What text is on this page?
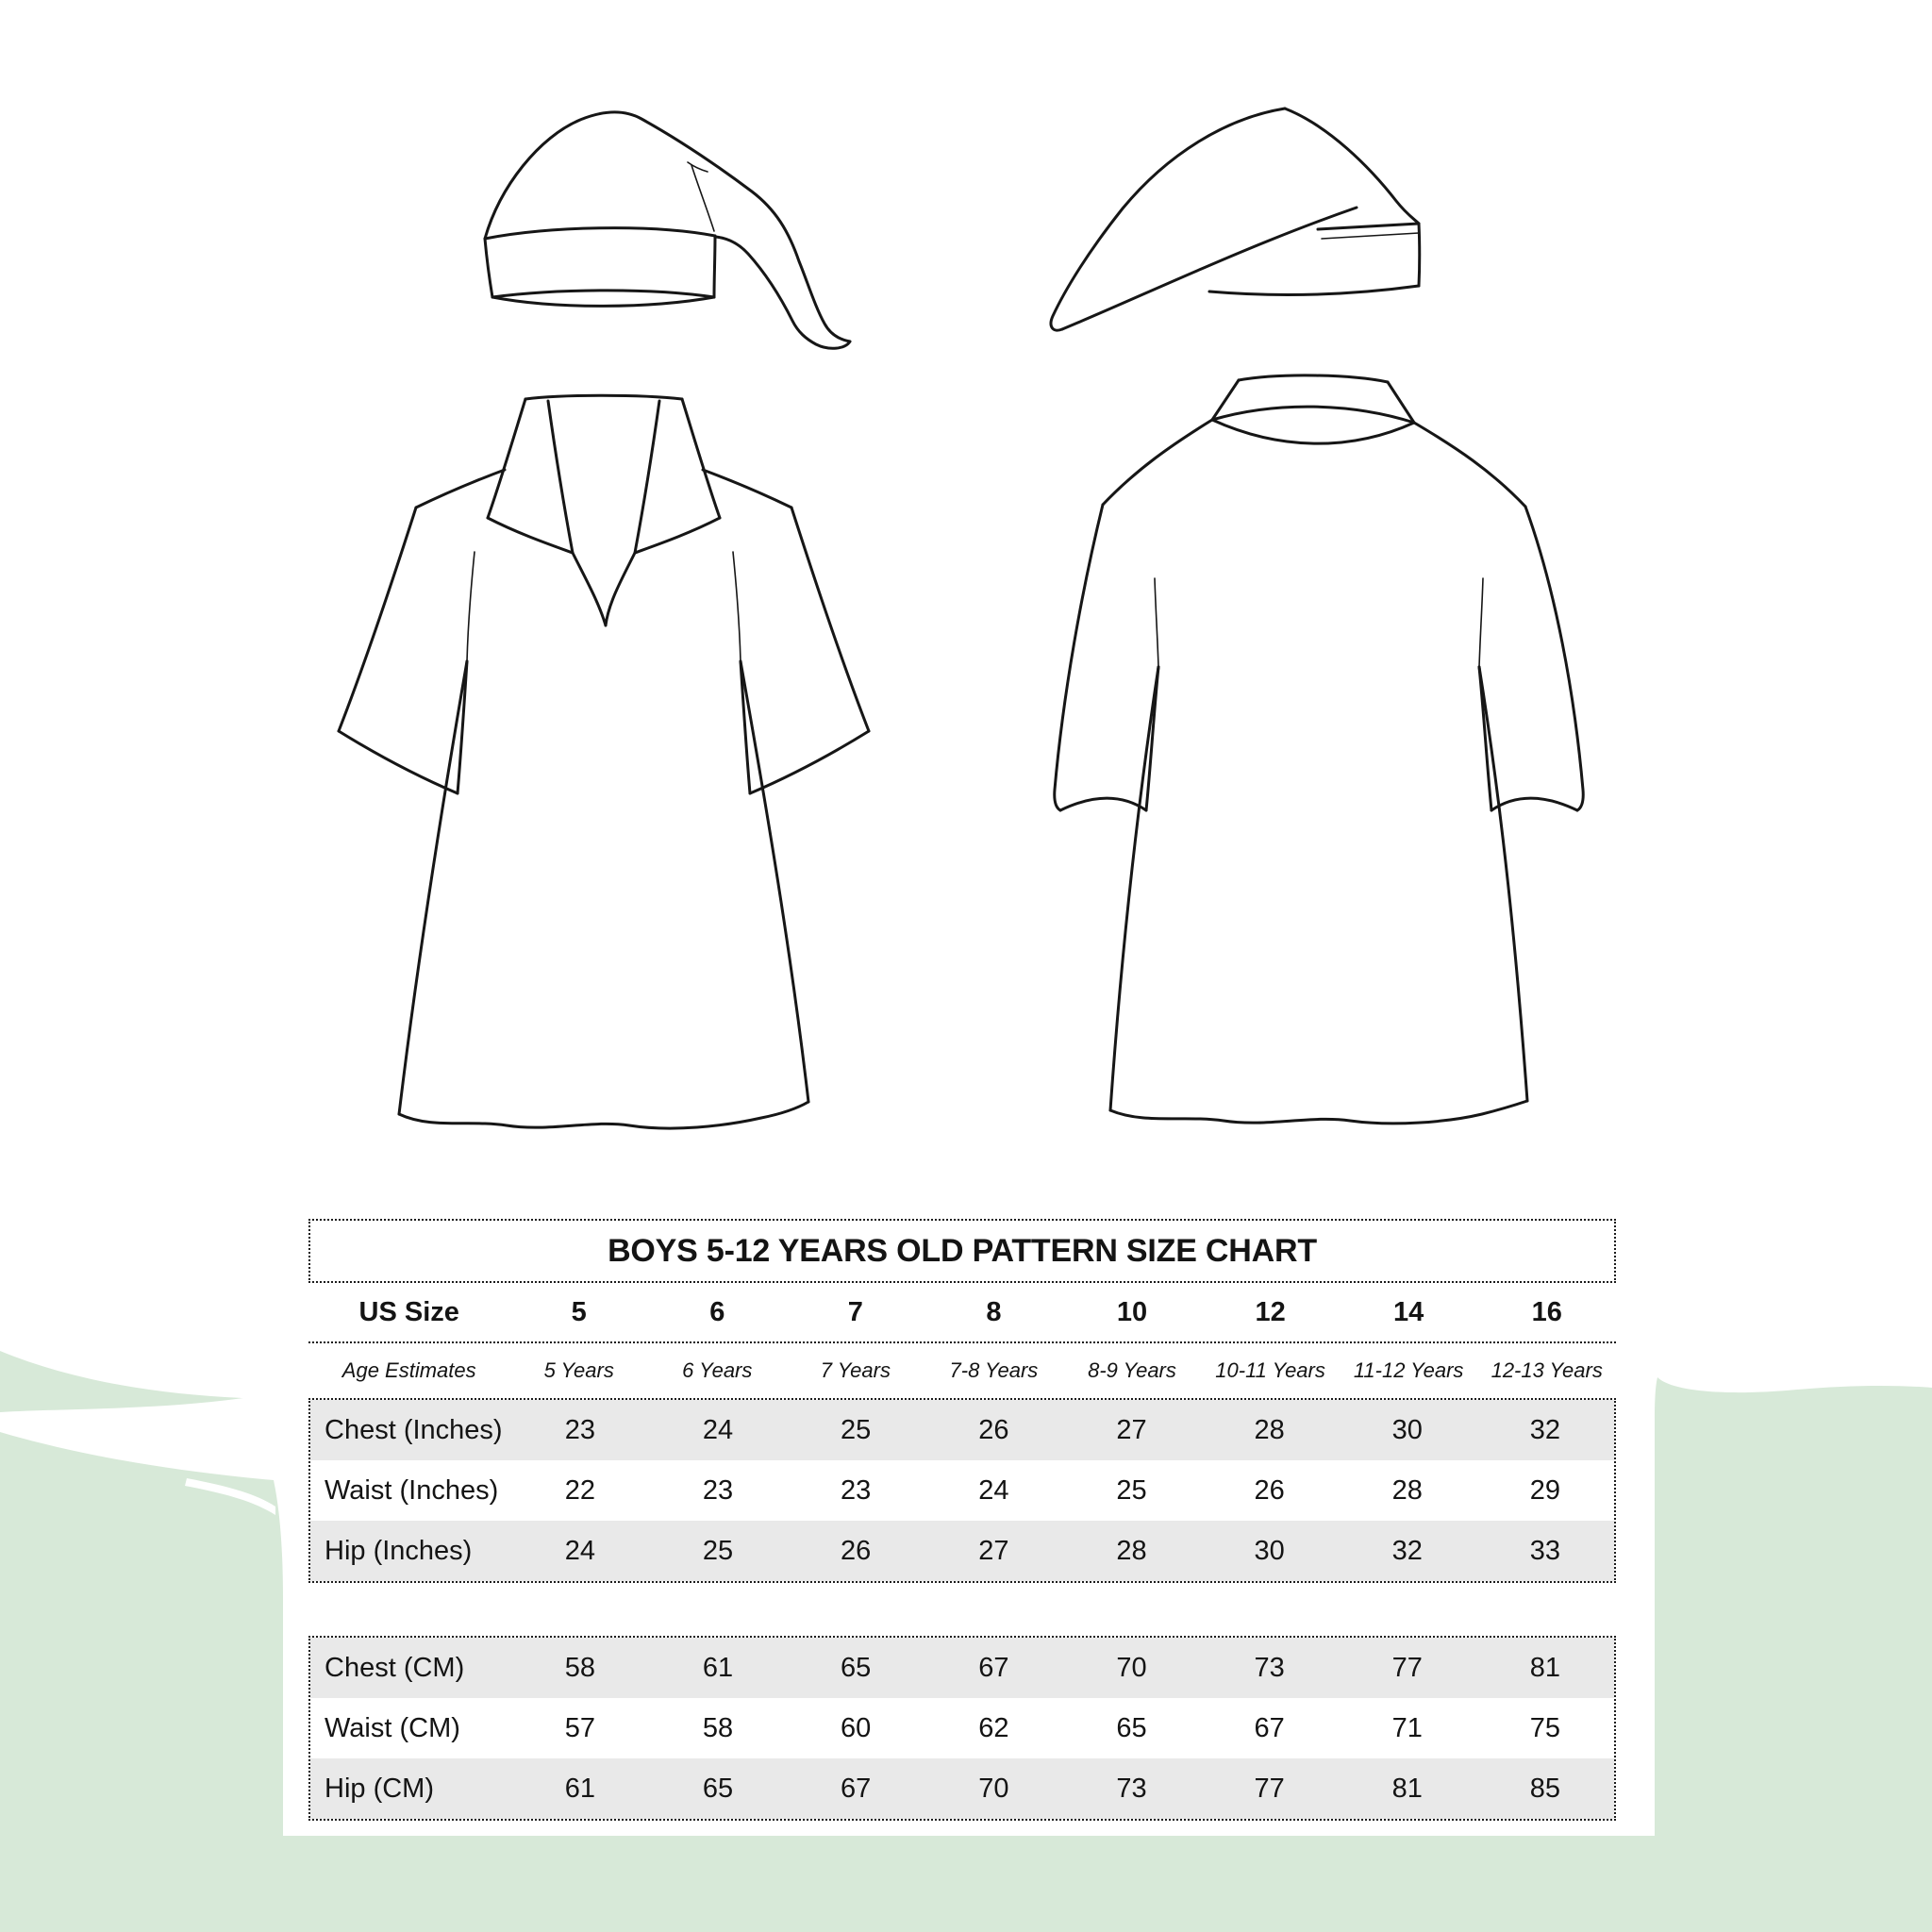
BOYS 5-12 YEARS OLD PATTERN SIZE CHART
US Size	5	6	7	8	10	12	14	16
Age Estimates	5 Years	6 Years	7 Years	7-8 Years	8-9 Years	10-11 Years	11-12 Years	12-13 Years
Chest (Inches)	23	24	25	26	27	28	30	32
Waist (Inches)	22	23	23	24	25	26	28	29
Hip (Inches)	24	25	26	27	28	30	32	33
Chest (CM)	58	61	65	67	70	73	77	81
Waist (CM)	57	58	60	62	65	67	71	75
Hip (CM)	61	65	67	70	73	77	81	85
